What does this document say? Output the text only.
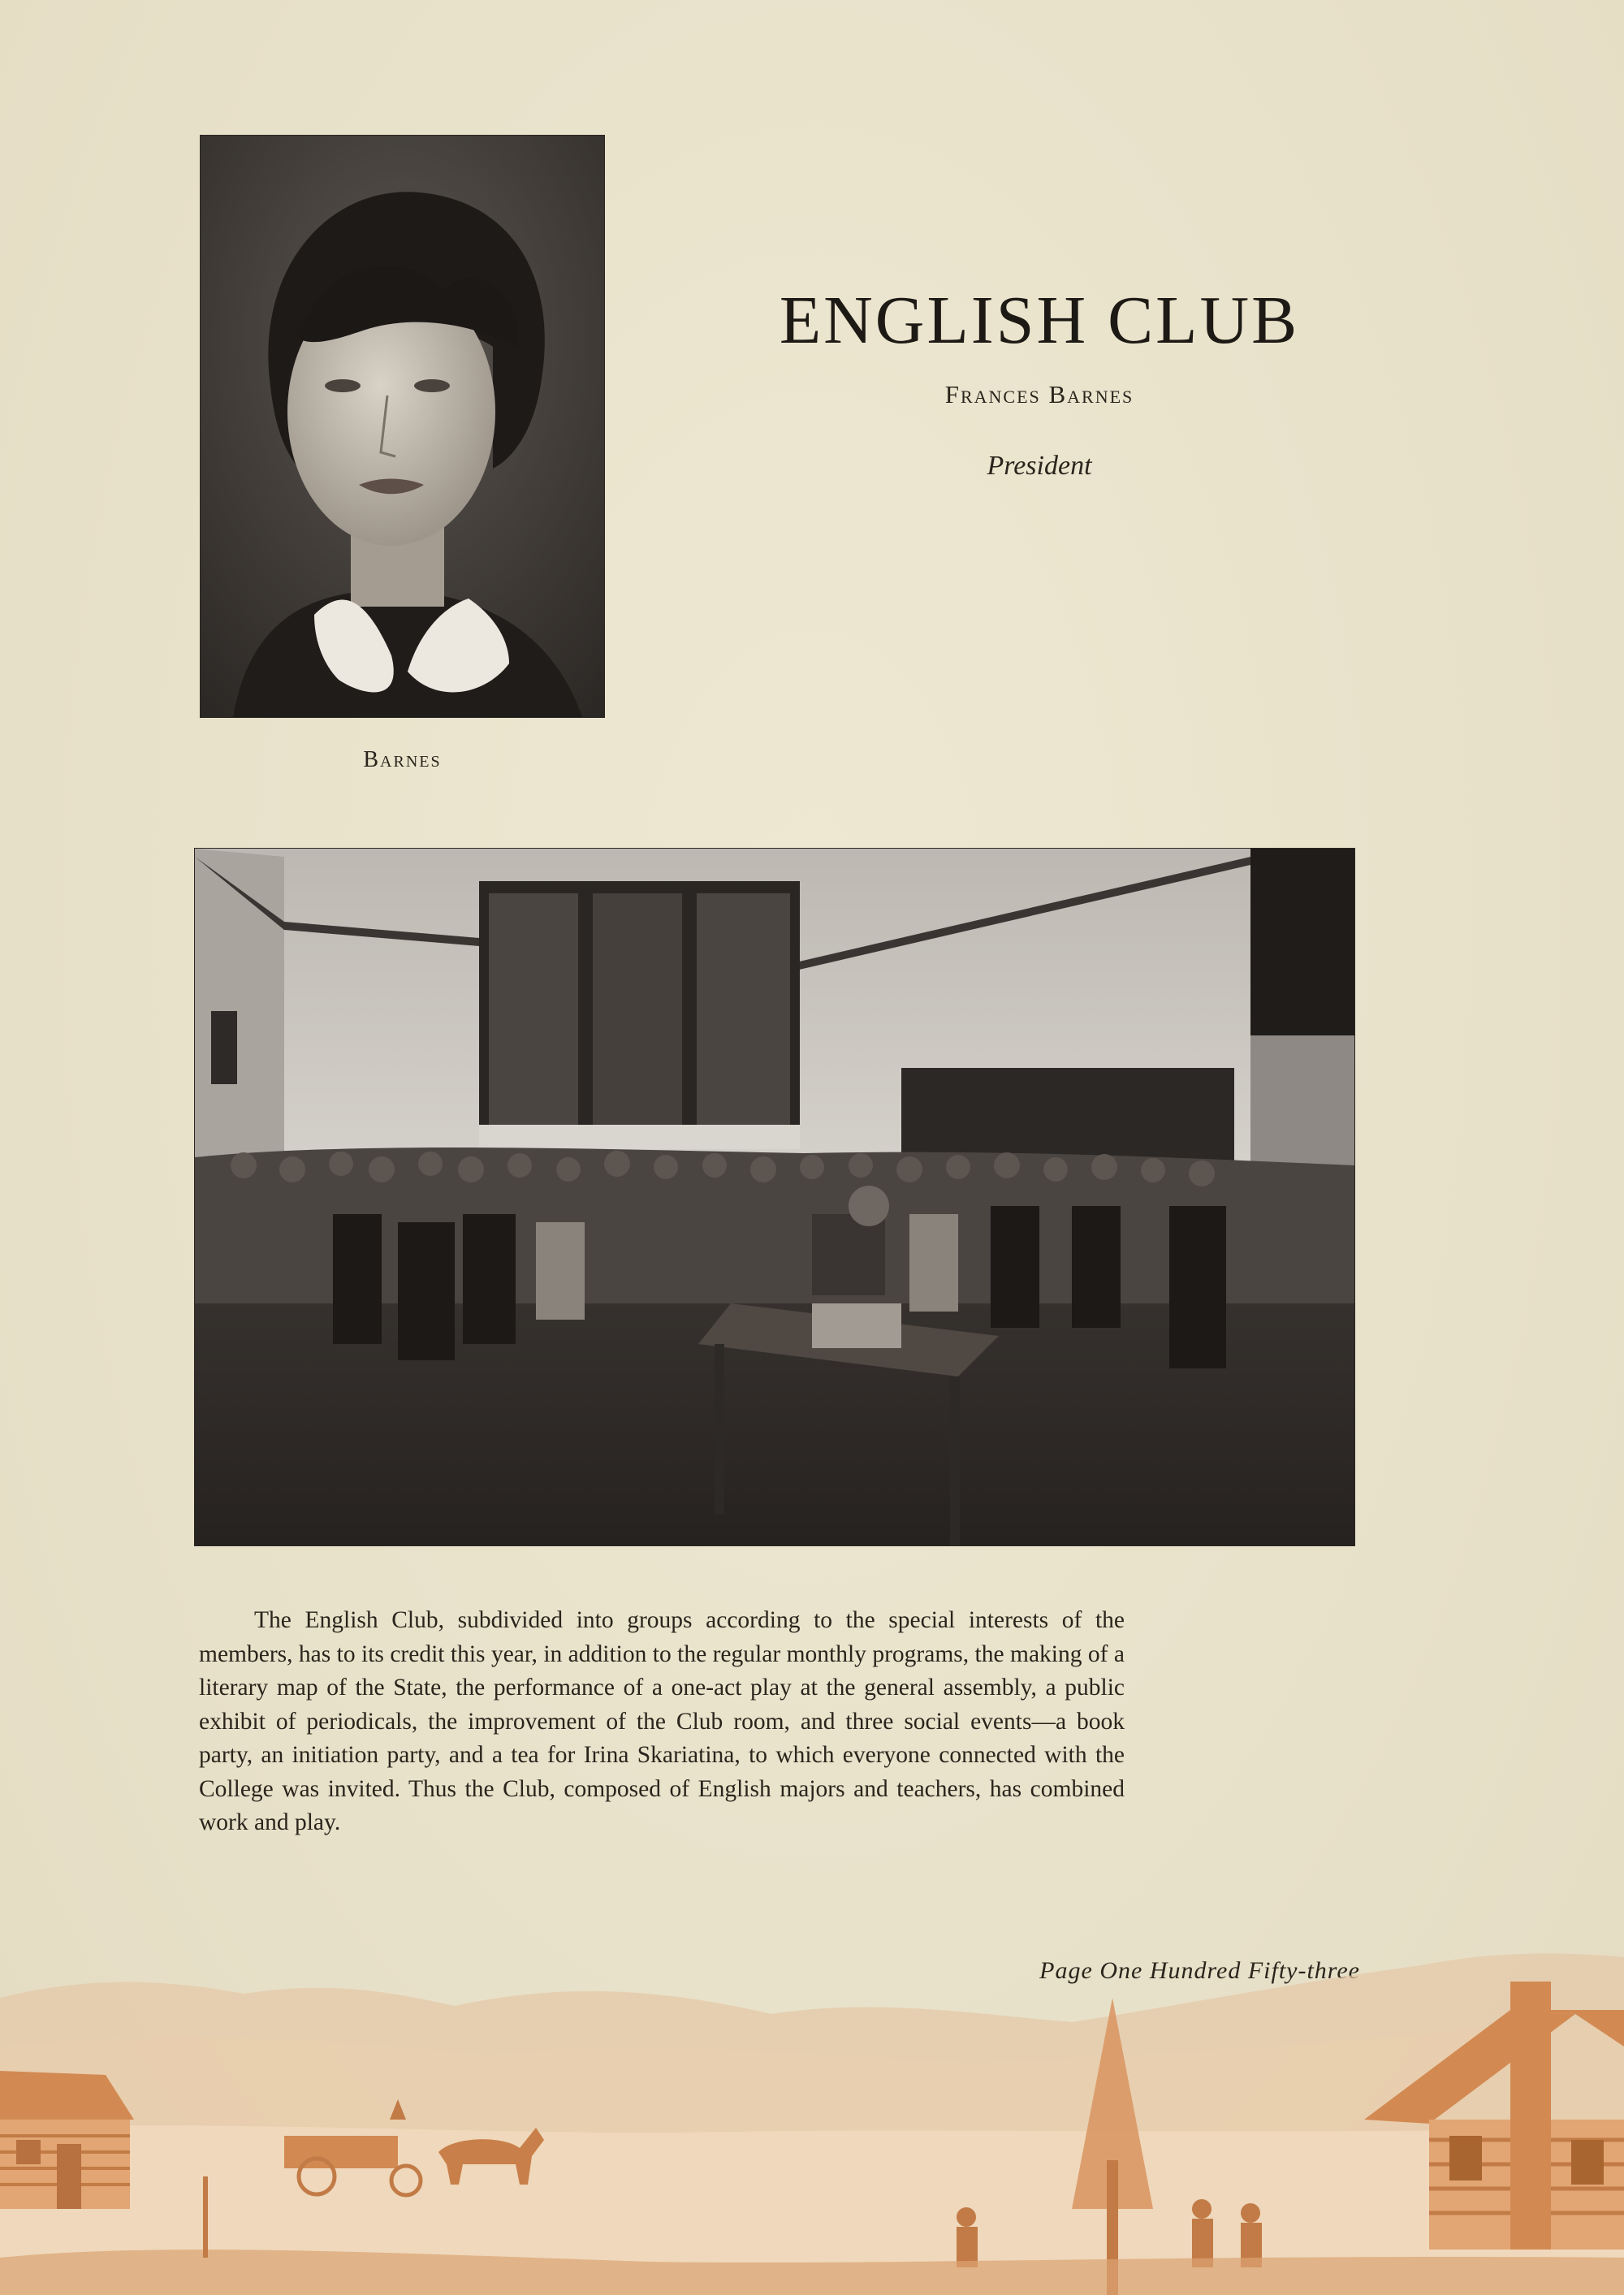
Barnes
ENGLISH CLUB
Frances Barnes
President

The English Club, subdivided into groups according to the special interests of the members, has to its credit this year, in addition to the regular monthly programs, the making of a literary map of the State, the performance of a one-act play at the general assembly, a public exhibit of periodicals, the improvement of the Club room, and three social events—a book party, an initiation party, and a tea for Irina Skariatina, to which everyone connected with the College was invited. Thus the Club, composed of English majors and teachers, has combined work and play.

Page One Hundred Fifty-three
